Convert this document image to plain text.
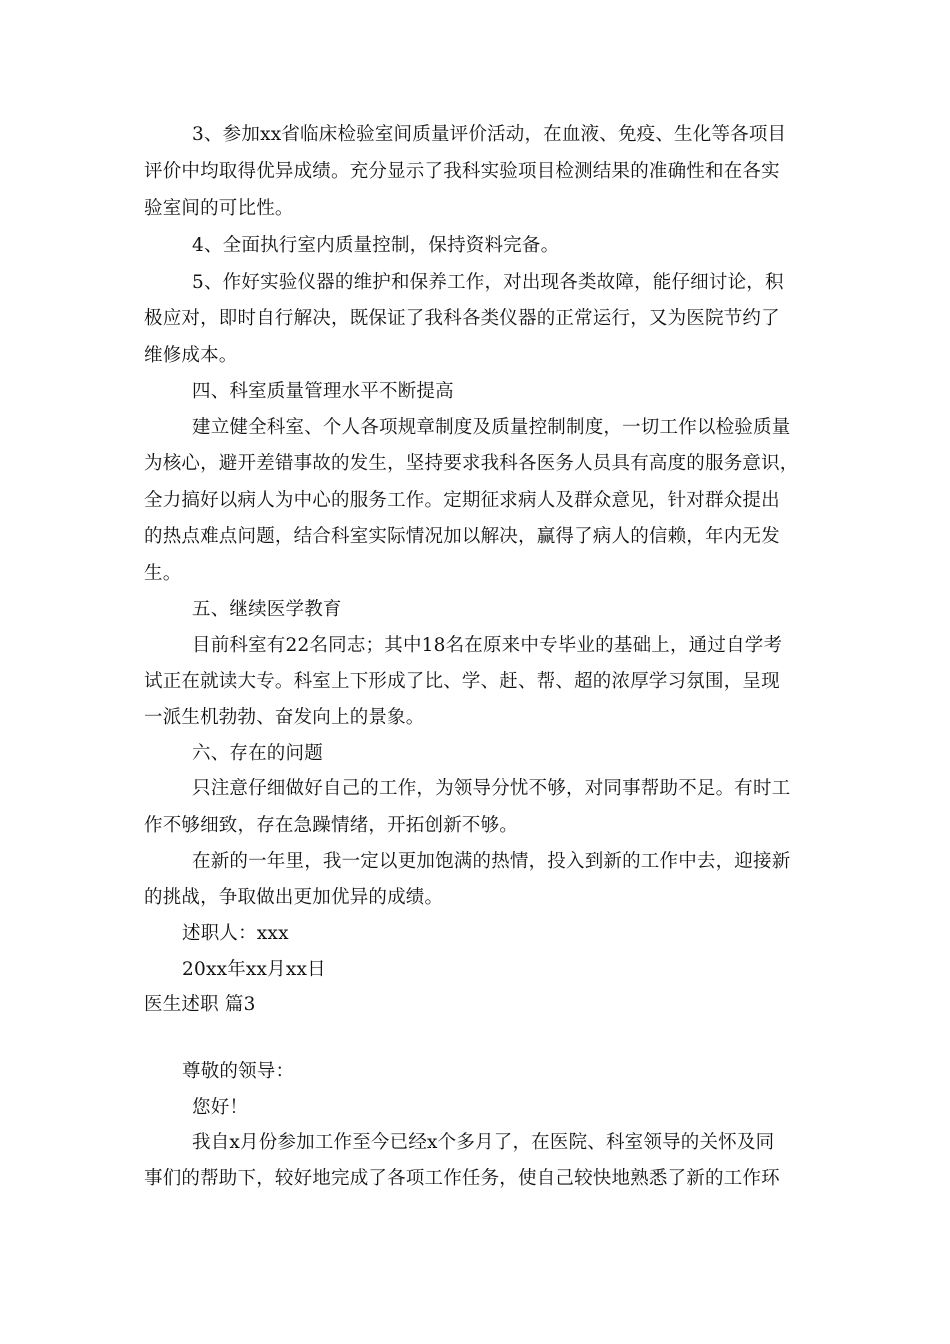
3、参加xx省临床检验室间质量评价活动，在血液、免疫、生化等各项目
评价中均取得优异成绩。充分显示了我科实验项目检测结果的准确性和在各实
验室间的可比性。
4、全面执行室内质量控制，保持资料完备。
5、作好实验仪器的维护和保养工作，对出现各类故障，能仔细讨论，积
极应对，即时自行解决，既保证了我科各类仪器的正常运行，又为医院节约了
维修成本。
四、科室质量管理水平不断提高
建立健全科室、个人各项规章制度及质量控制制度，一切工作以检验质量
为核心，避开差错事故的发生，坚持要求我科各医务人员具有高度的服务意识，
全力搞好以病人为中心的服务工作。定期征求病人及群众意见，针对群众提出
的热点难点问题，结合科室实际情况加以解决，赢得了病人的信赖，年内无发
生。
五、继续医学教育
目前科室有22名同志；其中18名在原来中专毕业的基础上，通过自学考
试正在就读大专。科室上下形成了比、学、赶、帮、超的浓厚学习氛围，呈现
一派生机勃勃、奋发向上的景象。
六、存在的问题
只注意仔细做好自己的工作，为领导分忧不够，对同事帮助不足。有时工
作不够细致，存在急躁情绪，开拓创新不够。
在新的一年里，我一定以更加饱满的热情，投入到新的工作中去，迎接新
的挑战，争取做出更加优异的成绩。
述职人：xxx
20xx年xx月xx日
医生述职 篇3
尊敬的领导：
您好！
我自x月份参加工作至今已经x个多月了，在医院、科室领导的关怀及同
事们的帮助下，较好地完成了各项工作任务，使自己较快地熟悉了新的工作环
